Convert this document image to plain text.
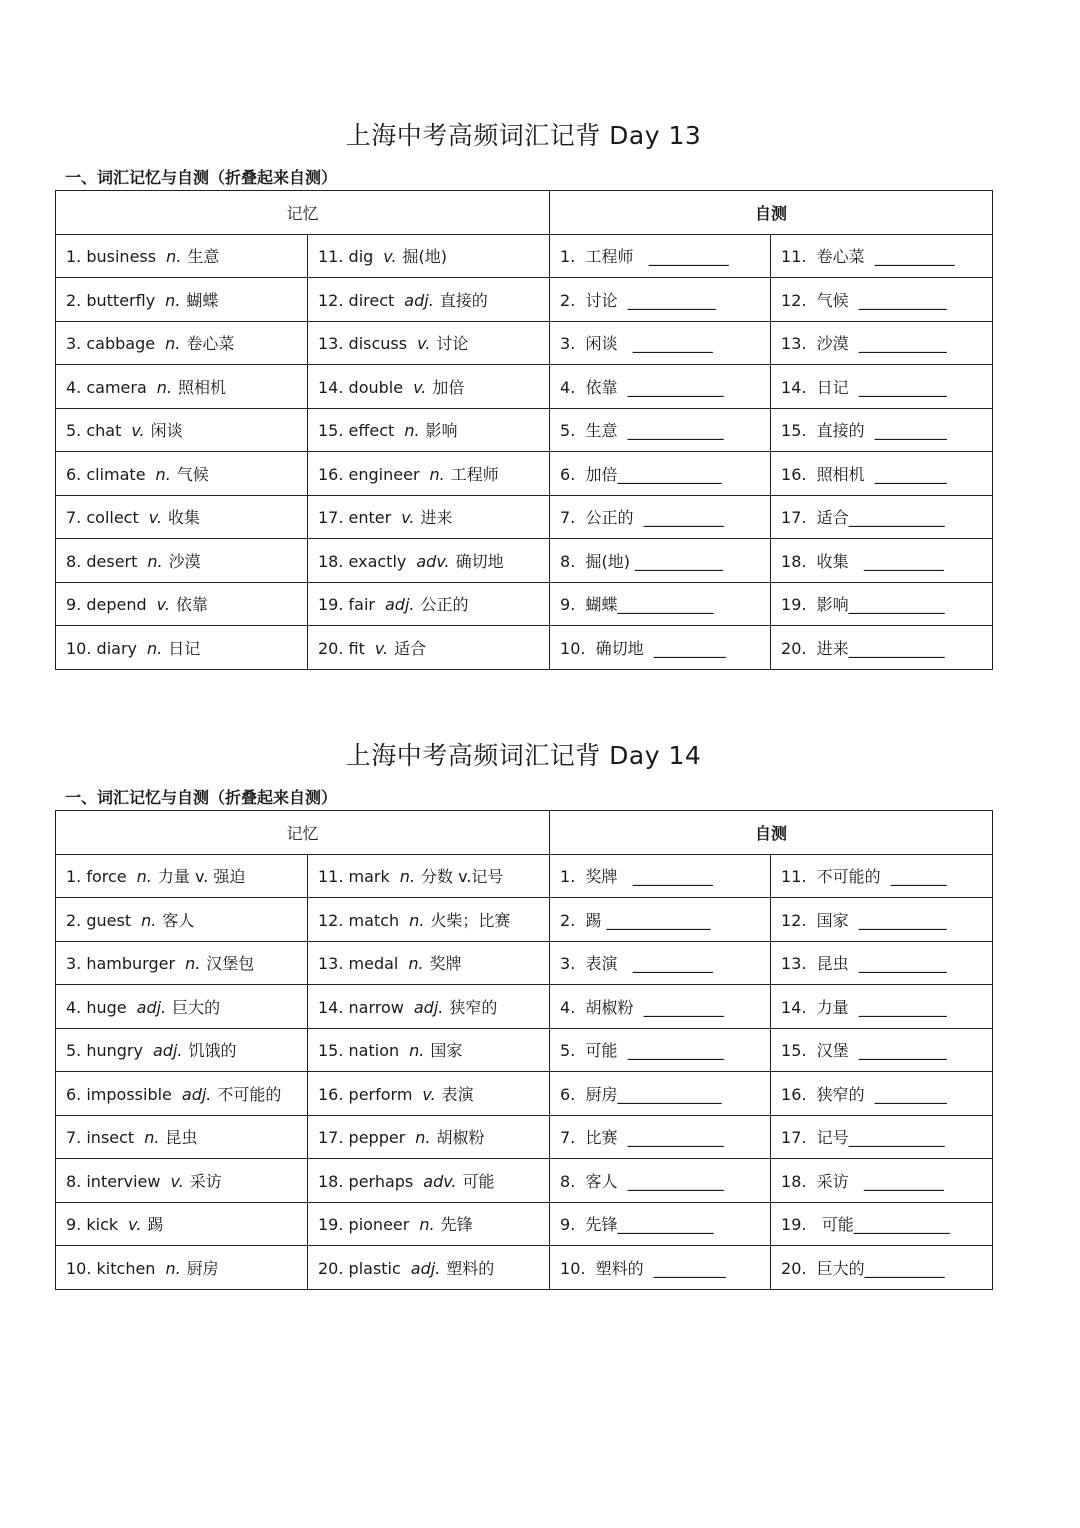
上海中考高频词汇记背 Day 13
一、词汇记忆与自测（折叠起来自测）
记忆		自测	
1. business n. 生意	11. dig v. 掘(地)	1.  工程师   __________	11.  卷心菜  __________
2. butterfly n. 蝴蝶	12. direct adj. 直接的	2.  讨论  ___________	12.  气候  ___________
3. cabbage n. 卷心菜	13. discuss v. 讨论	3.  闲谈   __________	13.  沙漠  ___________
4. camera n. 照相机	14. double v. 加倍	4.  依靠  ____________	14.  日记  ___________
5. chat v. 闲谈	15. effect n. 影响	5.  生意  ____________	15.  直接的  _________
6. climate n. 气候	16. engineer n. 工程师	6.  加倍_____________	16.  照相机  _________
7. collect v. 收集	17. enter v. 进来	7.  公正的  __________	17.  适合____________
8. desert n. 沙漠	18. exactly adv. 确切地	8.  掘(地) ___________	18.  收集   __________
9. depend v. 依靠	19. fair adj. 公正的	9.  蝴蝶____________	19.  影响____________
10. diary n. 日记	20. fit v. 适合	10.  确切地  _________	20.  进来____________
上海中考高频词汇记背 Day 14
一、词汇记忆与自测（折叠起来自测）
记忆		自测	
1. force n. 力量 v. 强迫	11. mark n. 分数 v.记号	1.  奖牌   __________	11.  不可能的  _______
2. guest n. 客人	12. match n. 火柴；比赛	2.  踢 _____________	12.  国家  ___________
3. hamburger n. 汉堡包	13. medal n. 奖牌	3.  表演   __________	13.  昆虫  ___________
4. huge adj. 巨大的	14. narrow adj. 狭窄的	4.  胡椒粉  __________	14.  力量  ___________
5. hungry adj. 饥饿的	15. nation n. 国家	5.  可能  ____________	15.  汉堡  ___________
6. impossible adj. 不可能的	16. perform v. 表演	6.  厨房_____________	16.  狭窄的  _________
7. insect n. 昆虫	17. pepper n. 胡椒粉	7.  比赛  ____________	17.  记号____________
8. interview v. 采访	18. perhaps adv. 可能	8.  客人  ____________	18.  采访   __________
9. kick v. 踢	19. pioneer n. 先锋	9.  先锋____________	19.   可能____________
10. kitchen n. 厨房	20. plastic adj. 塑料的	10.  塑料的  _________	20.  巨大的__________
